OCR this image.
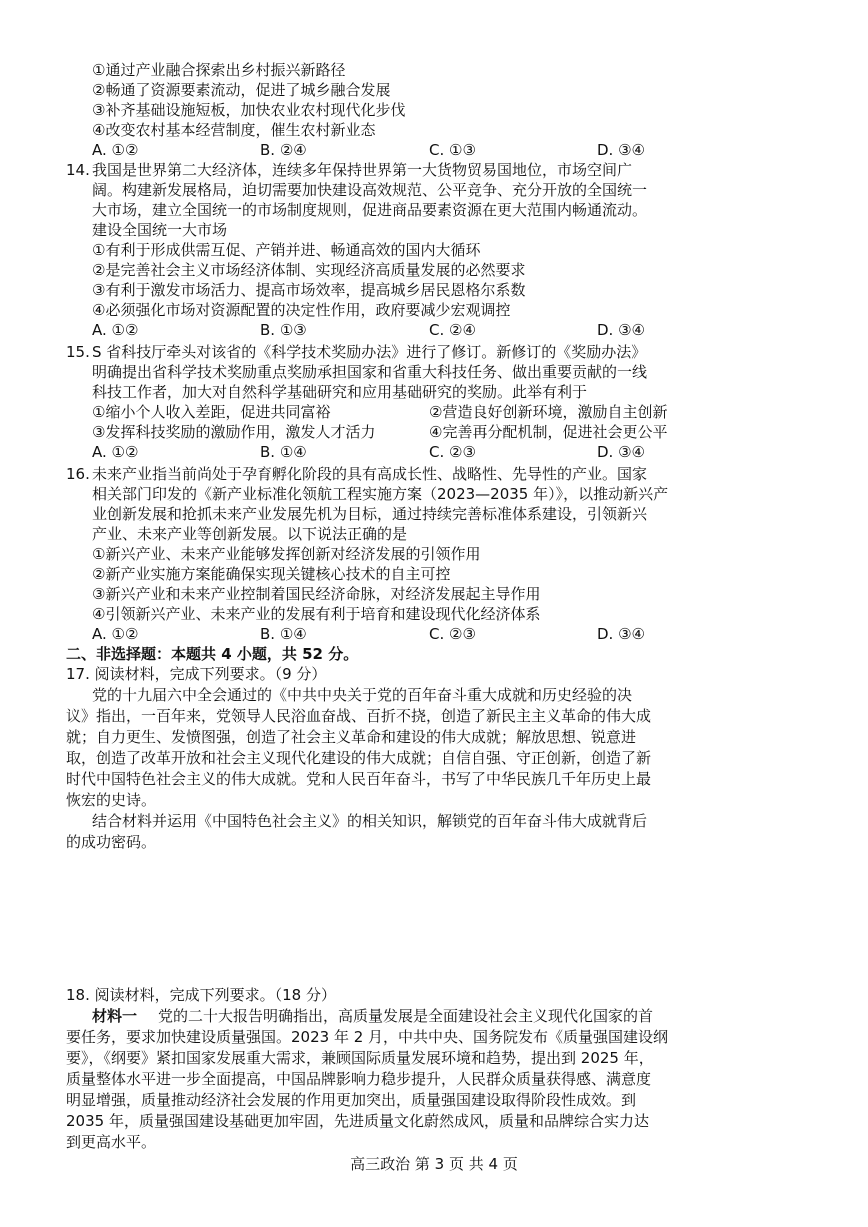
①通过产业融合探索出乡村振兴新路径
②畅通了资源要素流动，促进了城乡融合发展
③补齐基础设施短板，加快农业农村现代化步伐
④改变农村基本经营制度，催生农村新业态
A. ①②	B. ②④	C. ①③	D. ③④
14. 我国是世界第二大经济体，连续多年保持世界第一大货物贸易国地位，市场空间广
阔。构建新发展格局，迫切需要加快建设高效规范、公平竞争、充分开放的全国统一
大市场，建立全国统一的市场制度规则，促进商品要素资源在更大范围内畅通流动。
建设全国统一大市场
①有利于形成供需互促、产销并进、畅通高效的国内大循环
②是完善社会主义市场经济体制、实现经济高质量发展的必然要求
③有利于激发市场活力、提高市场效率，提高城乡居民恩格尔系数
④必须强化市场对资源配置的决定性作用，政府要减少宏观调控
A. ①②	B. ①③	C. ②④	D. ③④
15. S 省科技厅牵头对该省的《科学技术奖励办法》进行了修订。新修订的《奖励办法》
明确提出省科学技术奖励重点奖励承担国家和省重大科技任务、做出重要贡献的一线
科技工作者，加大对自然科学基础研究和应用基础研究的奖励。此举有利于
①缩小个人收入差距，促进共同富裕	②营造良好创新环境，激励自主创新
③发挥科技奖励的激励作用，激发人才活力	④完善再分配机制，促进社会更公平
A. ①②	B. ①④	C. ②③	D. ③④
16. 未来产业指当前尚处于孕育孵化阶段的具有高成长性、战略性、先导性的产业。国家
相关部门印发的《新产业标准化领航工程实施方案（2023—2035 年）》，以推动新兴产
业创新发展和抢抓未来产业发展先机为目标，通过持续完善标准体系建设，引领新兴
产业、未来产业等创新发展。以下说法正确的是
①新兴产业、未来产业能够发挥创新对经济发展的引领作用
②新产业实施方案能确保实现关键核心技术的自主可控
③新兴产业和未来产业控制着国民经济命脉，对经济发展起主导作用
④引领新兴产业、未来产业的发展有利于培育和建设现代化经济体系
A. ①②	B. ①④	C. ②③	D. ③④
二、非选择题：本题共 4 小题，共 52 分。
17. 阅读材料，完成下列要求。（9 分）
党的十九届六中全会通过的《中共中央关于党的百年奋斗重大成就和历史经验的决
议》指出，一百年来，党领导人民浴血奋战、百折不挠，创造了新民主主义革命的伟大成
就；自力更生、发愤图强，创造了社会主义革命和建设的伟大成就；解放思想、锐意进
取，创造了改革开放和社会主义现代化建设的伟大成就；自信自强、守正创新，创造了新
时代中国特色社会主义的伟大成就。党和人民百年奋斗，书写了中华民族几千年历史上最
恢宏的史诗。
结合材料并运用《中国特色社会主义》的相关知识，解锁党的百年奋斗伟大成就背后
的成功密码。
18. 阅读材料，完成下列要求。（18 分）
材料一 党的二十大报告明确指出，高质量发展是全面建设社会主义现代化国家的首
要任务，要求加快建设质量强国。2023 年 2 月，中共中央、国务院发布《质量强国建设纲
要》，《纲要》紧扣国家发展重大需求，兼顾国际质量发展环境和趋势，提出到 2025 年，
质量整体水平进一步全面提高，中国品牌影响力稳步提升，人民群众质量获得感、满意度
明显增强，质量推动经济社会发展的作用更加突出，质量强国建设取得阶段性成效。到
2035 年，质量强国建设基础更加牢固，先进质量文化蔚然成风，质量和品牌综合实力达
到更高水平。
高三政治 第 3 页 共 4 页
